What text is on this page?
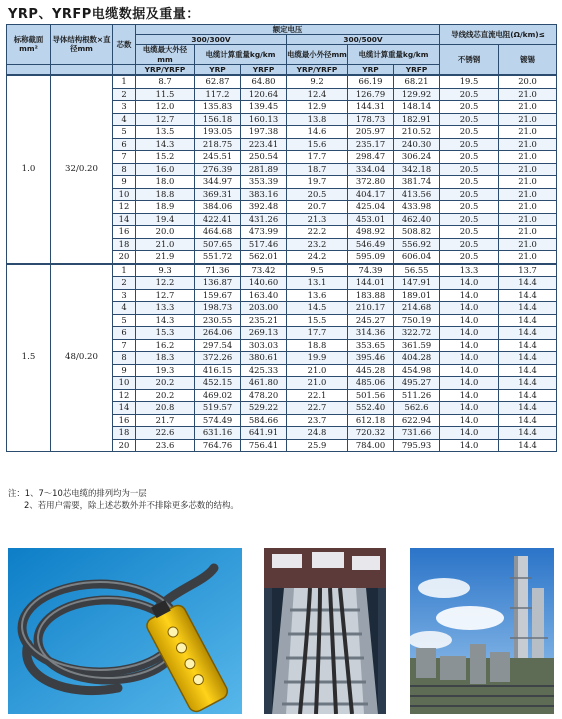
YRP、YRFP电缆数据及重量：
标称截面mm²	导体结构根数×直径mm	芯数	额定电压						导线线芯直流电阻(Ω/km)≤	
			300/300V			300/500V				
			电缆最大外径mm	电缆计算重量kg/km		电缆最小外径mm	电缆计算重量kg/km		不锈钢	镀锡
			YRP/YRFP	YRP	YRFP	YRP/YRFP	YRP	YRFP		
1.0	32/0.20	1	8.7	62.87	64.80	9.2	66.19	68.21	19.5	20.0
		2	11.5	117.2	120.64	12.4	126.79	129.92	20.5	21.0
		3	12.0	135.83	139.45	12.9	144.31	148.14	20.5	21.0
		4	12.7	156.18	160.13	13.8	178.73	182.91	20.5	21.0
		5	13.5	193.05	197.38	14.6	205.97	210.52	20.5	21.0
		6	14.3	218.75	223.41	15.6	235.17	240.30	20.5	21.0
		7	15.2	245.51	250.54	17.7	298.47	306.24	20.5	21.0
		8	16.0	276.39	281.89	18.7	334.04	342.18	20.5	21.0
		9	18.0	344.97	353.39	19.7	372.80	381.74	20.5	21.0
		10	18.8	369.31	383.16	20.5	404.17	413.56	20.5	21.0
		12	18.9	384.06	392.48	20.7	425.04	433.98	20.5	21.0
		14	19.4	422.41	431.26	21.3	453.01	462.40	20.5	21.0
		16	20.0	464.68	473.99	22.2	498.92	508.82	20.5	21.0
		18	21.0	507.65	517.46	23.2	546.49	556.92	20.5	21.0
		20	21.9	551.72	562.01	24.2	595.09	606.04	20.5	21.0
1.5	48/0.20	1	9.3	71.36	73.42	9.5	74.39	56.55	13.3	13.7
		2	12.2	136.87	140.60	13.1	144.01	147.91	14.0	14.4
		3	12.7	159.67	163.40	13.6	183.88	189.01	14.0	14.4
		4	13.3	198.73	203.00	14.5	210.17	214.68	14.0	14.4
		5	14.3	230.55	235.21	15.5	245.27	750.19	14.0	14.4
		6	15.3	264.06	269.13	17.7	314.36	322.72	14.0	14.4
		7	16.2	297.54	303.03	18.8	353.65	361.59	14.0	14.4
		8	18.3	372.26	380.61	19.9	395.46	404.28	14.0	14.4
		9	19.3	416.15	425.33	21.0	445.28	454.98	14.0	14.4
		10	20.2	452.15	461.80	21.0	485.06	495.27	14.0	14.4
		12	20.2	469.02	478.20	22.1	501.56	511.26	14.0	14.4
		14	20.8	519.57	529.22	22.7	552.40	562.6	14.0	14.4
		16	21.7	574.49	584.66	23.7	612.18	622.94	14.0	14.4
		18	22.6	631.16	641.91	24.8	720.32	731.66	14.0	14.4
		20	23.6	764.76	756.41	25.9	784.00	795.93	14.0	14.4
注：1、7～10芯电缆的排列均为一层
2、若用户需要，除上述芯数外并不排除更多芯数的结构。
